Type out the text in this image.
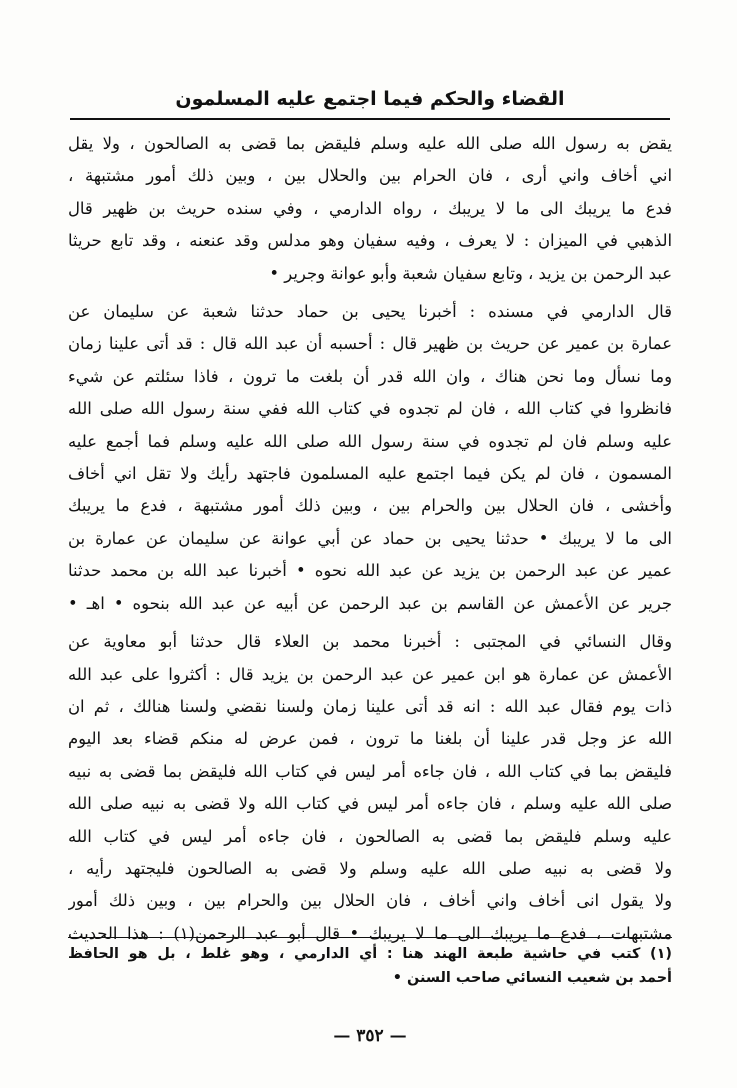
القضاء والحكم فيما اجتمع عليه المسلمون

يقض به رسول الله صلى الله عليه وسلم فليقض بما قضى به الصالحون ، ولا يقل
اني أخاف واني أرى ، فان الحرام بين والحلال بين ، وبين ذلك أمور مشتبهة ،
فدع ما يريبك الى ما لا يريبك ، رواه الدارمي ، وفي سنده حريث بن ظهير قال
الذهبي في الميزان : لا يعرف ، وفيه سفيان وهو مدلس وقد عنعنه ، وقد تابع حريثا
عبد الرحمن بن يزيد ، وتابع سفيان شعبة وأبو عوانة وجرير •

قال الدارمي في مسنده : أخبرنا يحيى بن حماد حدثنا شعبة عن سليمان عن
عمارة بن عمير عن حريث بن ظهير قال : أحسبه أن عبد الله قال : قد أتى علينا زمان
وما نسأل وما نحن هناك ، وان الله قدر أن بلغت ما ترون ، فاذا سئلتم عن شيء
فانظروا في كتاب الله ، فان لم تجدوه في كتاب الله ففي سنة رسول الله صلى الله
عليه وسلم فان لم تجدوه في سنة رسول الله صلى الله عليه وسلم فما أجمع عليه
المسمون ، فان لم يكن فيما اجتمع عليه المسلمون فاجتهد رأيك ولا تقل اني أخاف
وأخشى ، فان الحلال بين والحرام بين ، وبين ذلك أمور مشتبهة ، فدع ما يريبك
الى ما لا يريبك • حدثنا يحيى بن حماد عن أبي عوانة عن سليمان عن عمارة بن
عمير عن عبد الرحمن بن يزيد عن عبد الله نحوه • أخبرنا عبد الله بن محمد حدثنا
جرير عن الأعمش عن القاسم بن عبد الرحمن عن أبيه عن عبد الله بنحوه • اهـ •

وقال النسائي في المجتبى : أخبرنا محمد بن العلاء قال حدثنا أبو معاوية عن
الأعمش عن عمارة هو ابن عمير عن عبد الرحمن بن يزيد قال : أكثروا على عبد الله
ذات يوم فقال عبد الله : انه قد أتى علينا زمان ولسنا نقضي ولسنا هنالك ، ثم ان
الله عز وجل قدر علينا أن بلغنا ما ترون ، فمن عرض له منكم قضاء بعد اليوم
فليقض بما في كتاب الله ، فان جاءه أمر ليس في كتاب الله فليقض بما قضى به نبيه
صلى الله عليه وسلم ، فان جاءه أمر ليس في كتاب الله ولا قضى به نبيه صلى الله
عليه وسلم فليقض بما قضى به الصالحون ، فان جاءه أمر ليس في كتاب الله
ولا قضى به نبيه صلى الله عليه وسلم ولا قضى به الصالحون فليجتهد رأيه ،
ولا يقول انى أخاف واني أخاف ، فان الحلال بين والحرام بين ، وبين ذلك أمور
مشتبهات ، فدع ما يريبك الى ما لا يريبك • قال أبو عبد الرحمن(١) : هذا الحديث

(١) كتب في حاشية طبعة الهند هنا : أي الدارمي ، وهو غلط ، بل هو الحافظ
أحمد بن شعيب النسائي صاحب السنن •
— ٣٥٢ —
